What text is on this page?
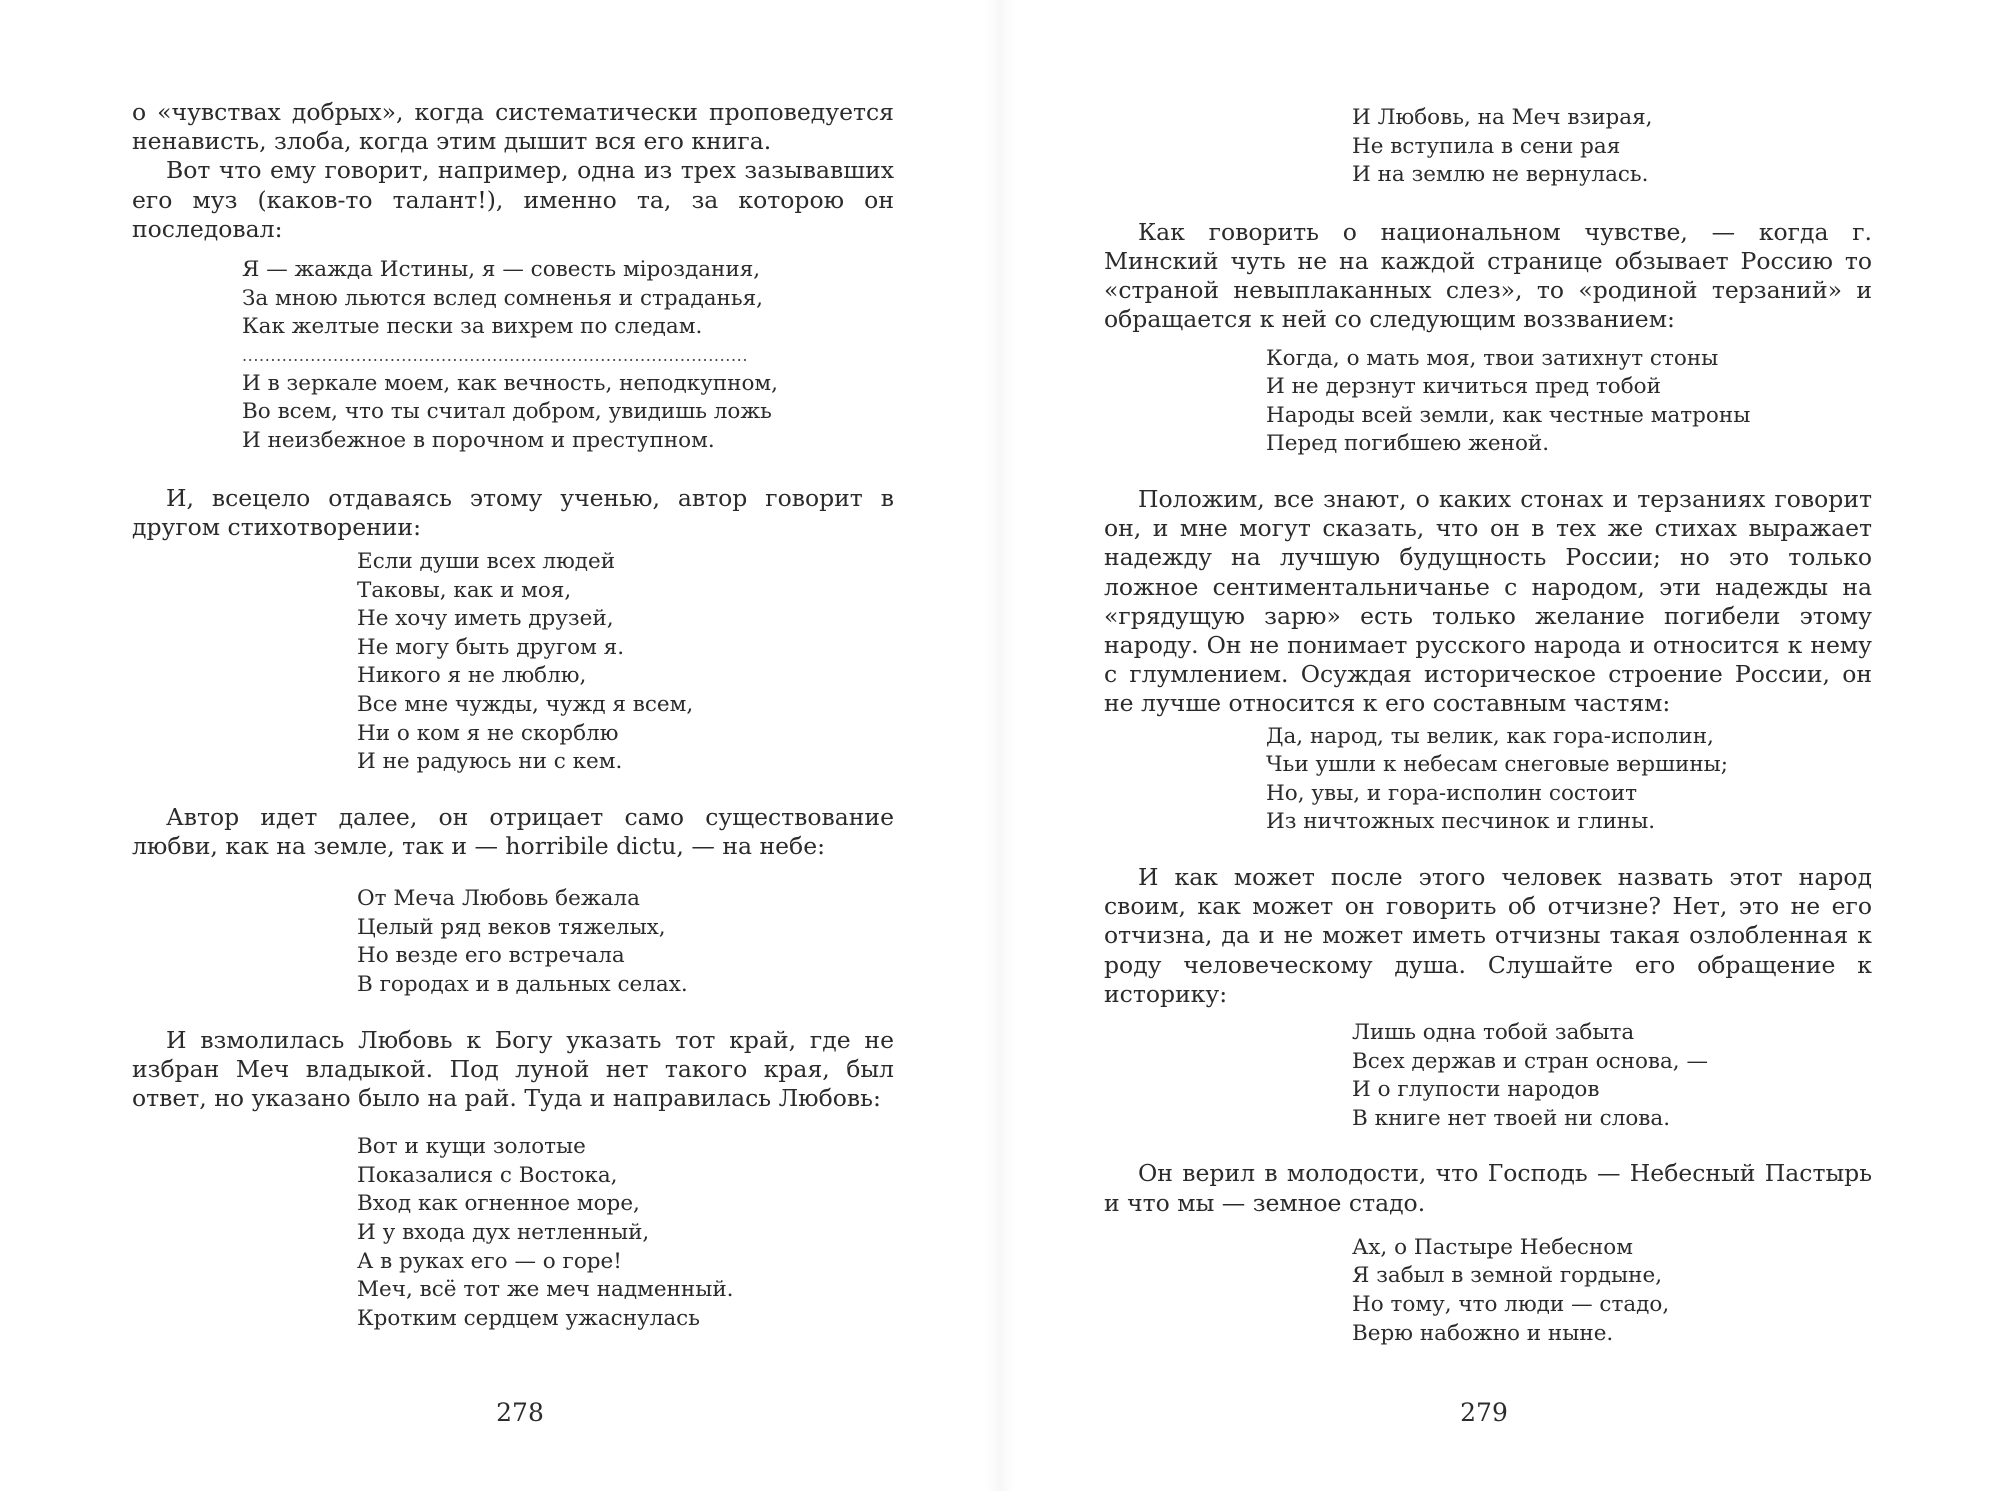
о «чувствах добрых», когда систематически проповедуется ненависть, злоба, когда этим дышит вся его книга.

Вот что ему говорит, например, одна из трех зазывавших его муз (каков-то талант!), именно та, за которою он последовал:

Я — жажда Истины, я — совесть міроздания,
За мною льются вслед сомненья и страданья,
Как желтые пески за вихрем по следам.
.........................................................................................
И в зеркале моем, как вечность, неподкупном,
Во всем, что ты считал добром, увидишь ложь
И неизбежное в порочном и преступном.

И, всецело отдаваясь этому ученью, автор говорит в другом стихотворении:

Если души всех людей
Таковы, как и моя,
Не хочу иметь друзей,
Не могу быть другом я.
Никого я не люблю,
Все мне чужды, чужд я всем,
Ни о ком я не скорблю
И не радуюсь ни с кем.

Автор идет далее, он отрицает само существование любви, как на земле, так и — horribile dictu, — на небе:

От Меча Любовь бежала
Целый ряд веков тяжелых,
Но везде его встречала
В городах и в дальных селах.

И взмолилась Любовь к Богу указать тот край, где не избран Меч владыкой. Под луной нет такого края, был ответ, но указано было на рай. Туда и направилась Любовь:

Вот и кущи золотые
Показалися с Востока,
Вход как огненное море,
И у входа дух нетленный,
А в руках его — о горе!
Меч, всё тот же меч надменный.
Кротким сердцем ужаснулась
278
И Любовь, на Меч взирая,
Не вступила в сени рая
И на землю не вернулась.

Как говорить о национальном чувстве, — когда г. Минский чуть не на каждой странице обзывает Россию то «страной невыплаканных слез», то «родиной терзаний» и обращается к ней со следующим воззванием:

Когда, о мать моя, твои затихнут стоны
И не дерзнут кичиться пред тобой
Народы всей земли, как честные матроны
Перед погибшею женой.

Положим, все знают, о каких стонах и терзаниях говорит он, и мне могут сказать, что он в тех же стихах выражает надежду на лучшую будущность России; но это только ложное сентиментальничанье с народом, эти надежды на «грядущую зарю» есть только желание погибели этому народу. Он не понимает русского народа и относится к нему с глумлением. Осуждая историческое строение России, он не лучше относится к его составным частям:

Да, народ, ты велик, как гора-исполин,
Чьи ушли к небесам снеговые вершины;
Но, увы, и гора-исполин состоит
Из ничтожных песчинок и глины.

И как может после этого человек назвать этот народ своим, как может он говорить об отчизне? Нет, это не его отчизна, да и не может иметь отчизны такая озлобленная к роду человеческому душа. Слушайте его обращение к историку:

Лишь одна тобой забыта
Всех держав и стран основа, —
И о глупости народов
В книге нет твоей ни слова.

Он верил в молодости, что Господь — Небесный Пастырь и что мы — земное стадо.

Ах, о Пастыре Небесном
Я забыл в земной гордыне,
Но тому, что люди — стадо,
Верю набожно и ныне.
279
